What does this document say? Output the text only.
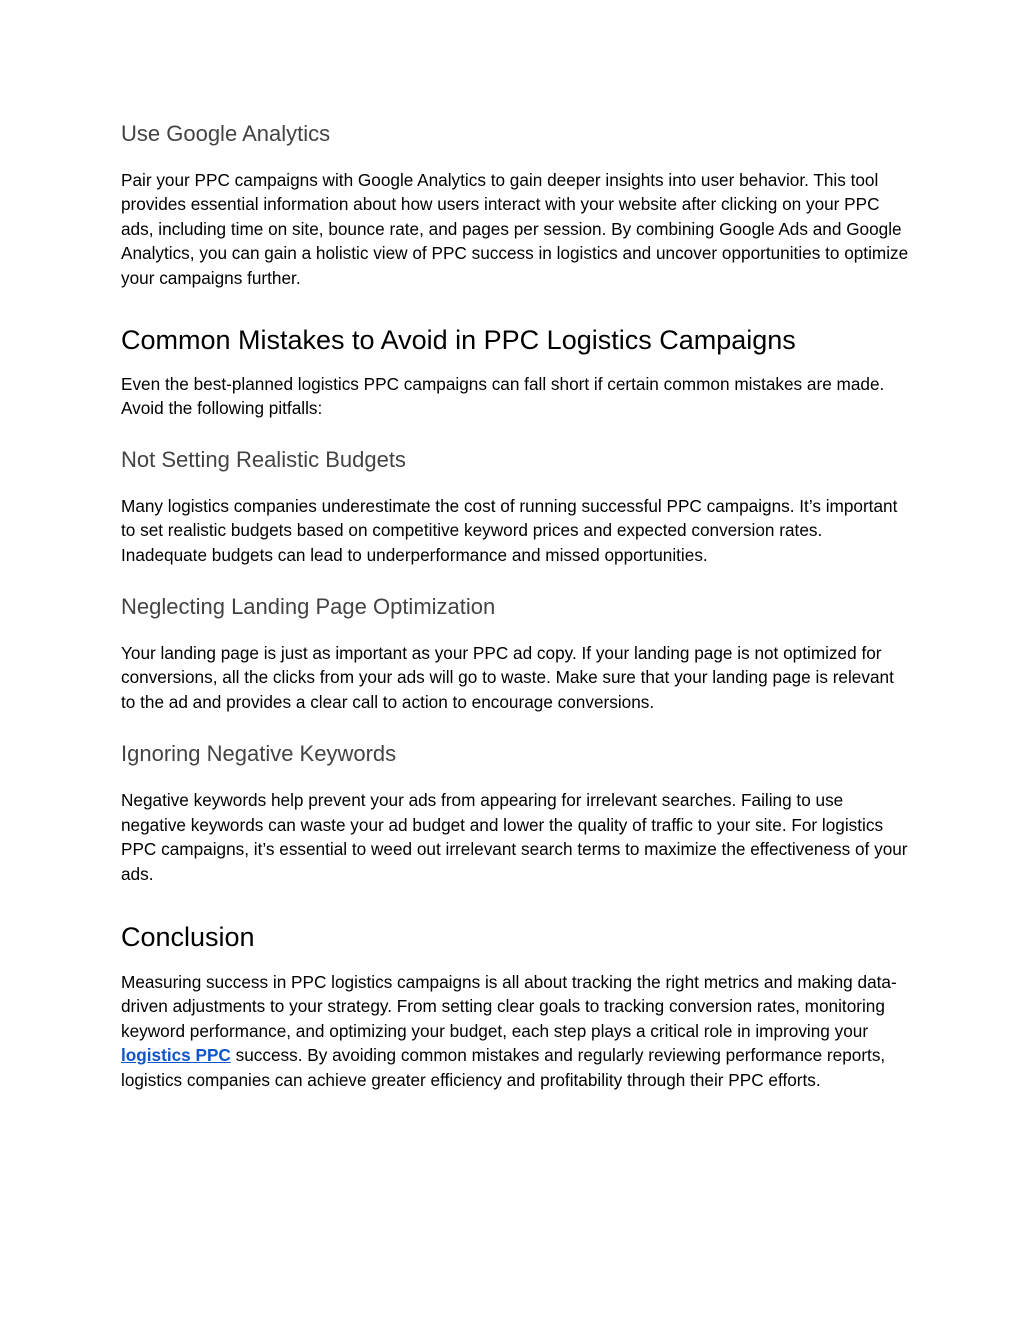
Use Google Analytics

Pair your PPC campaigns with Google Analytics to gain deeper insights into user behavior. This tool provides essential information about how users interact with your website after clicking on your PPC ads, including time on site, bounce rate, and pages per session. By combining Google Ads and Google Analytics, you can gain a holistic view of PPC success in logistics and uncover opportunities to optimize your campaigns further.

Common Mistakes to Avoid in PPC Logistics Campaigns

Even the best-planned logistics PPC campaigns can fall short if certain common mistakes are made. Avoid the following pitfalls:

Not Setting Realistic Budgets

Many logistics companies underestimate the cost of running successful PPC campaigns. It’s important to set realistic budgets based on competitive keyword prices and expected conversion rates. Inadequate budgets can lead to underperformance and missed opportunities.

Neglecting Landing Page Optimization

Your landing page is just as important as your PPC ad copy. If your landing page is not optimized for conversions, all the clicks from your ads will go to waste. Make sure that your landing page is relevant to the ad and provides a clear call to action to encourage conversions.

Ignoring Negative Keywords

Negative keywords help prevent your ads from appearing for irrelevant searches. Failing to use negative keywords can waste your ad budget and lower the quality of traffic to your site. For logistics PPC campaigns, it’s essential to weed out irrelevant search terms to maximize the effectiveness of your ads.

Conclusion

Measuring success in PPC logistics campaigns is all about tracking the right metrics and making data-driven adjustments to your strategy. From setting clear goals to tracking conversion rates, monitoring keyword performance, and optimizing your budget, each step plays a critical role in improving your logistics PPC success. By avoiding common mistakes and regularly reviewing performance reports, logistics companies can achieve greater efficiency and profitability through their PPC efforts.
